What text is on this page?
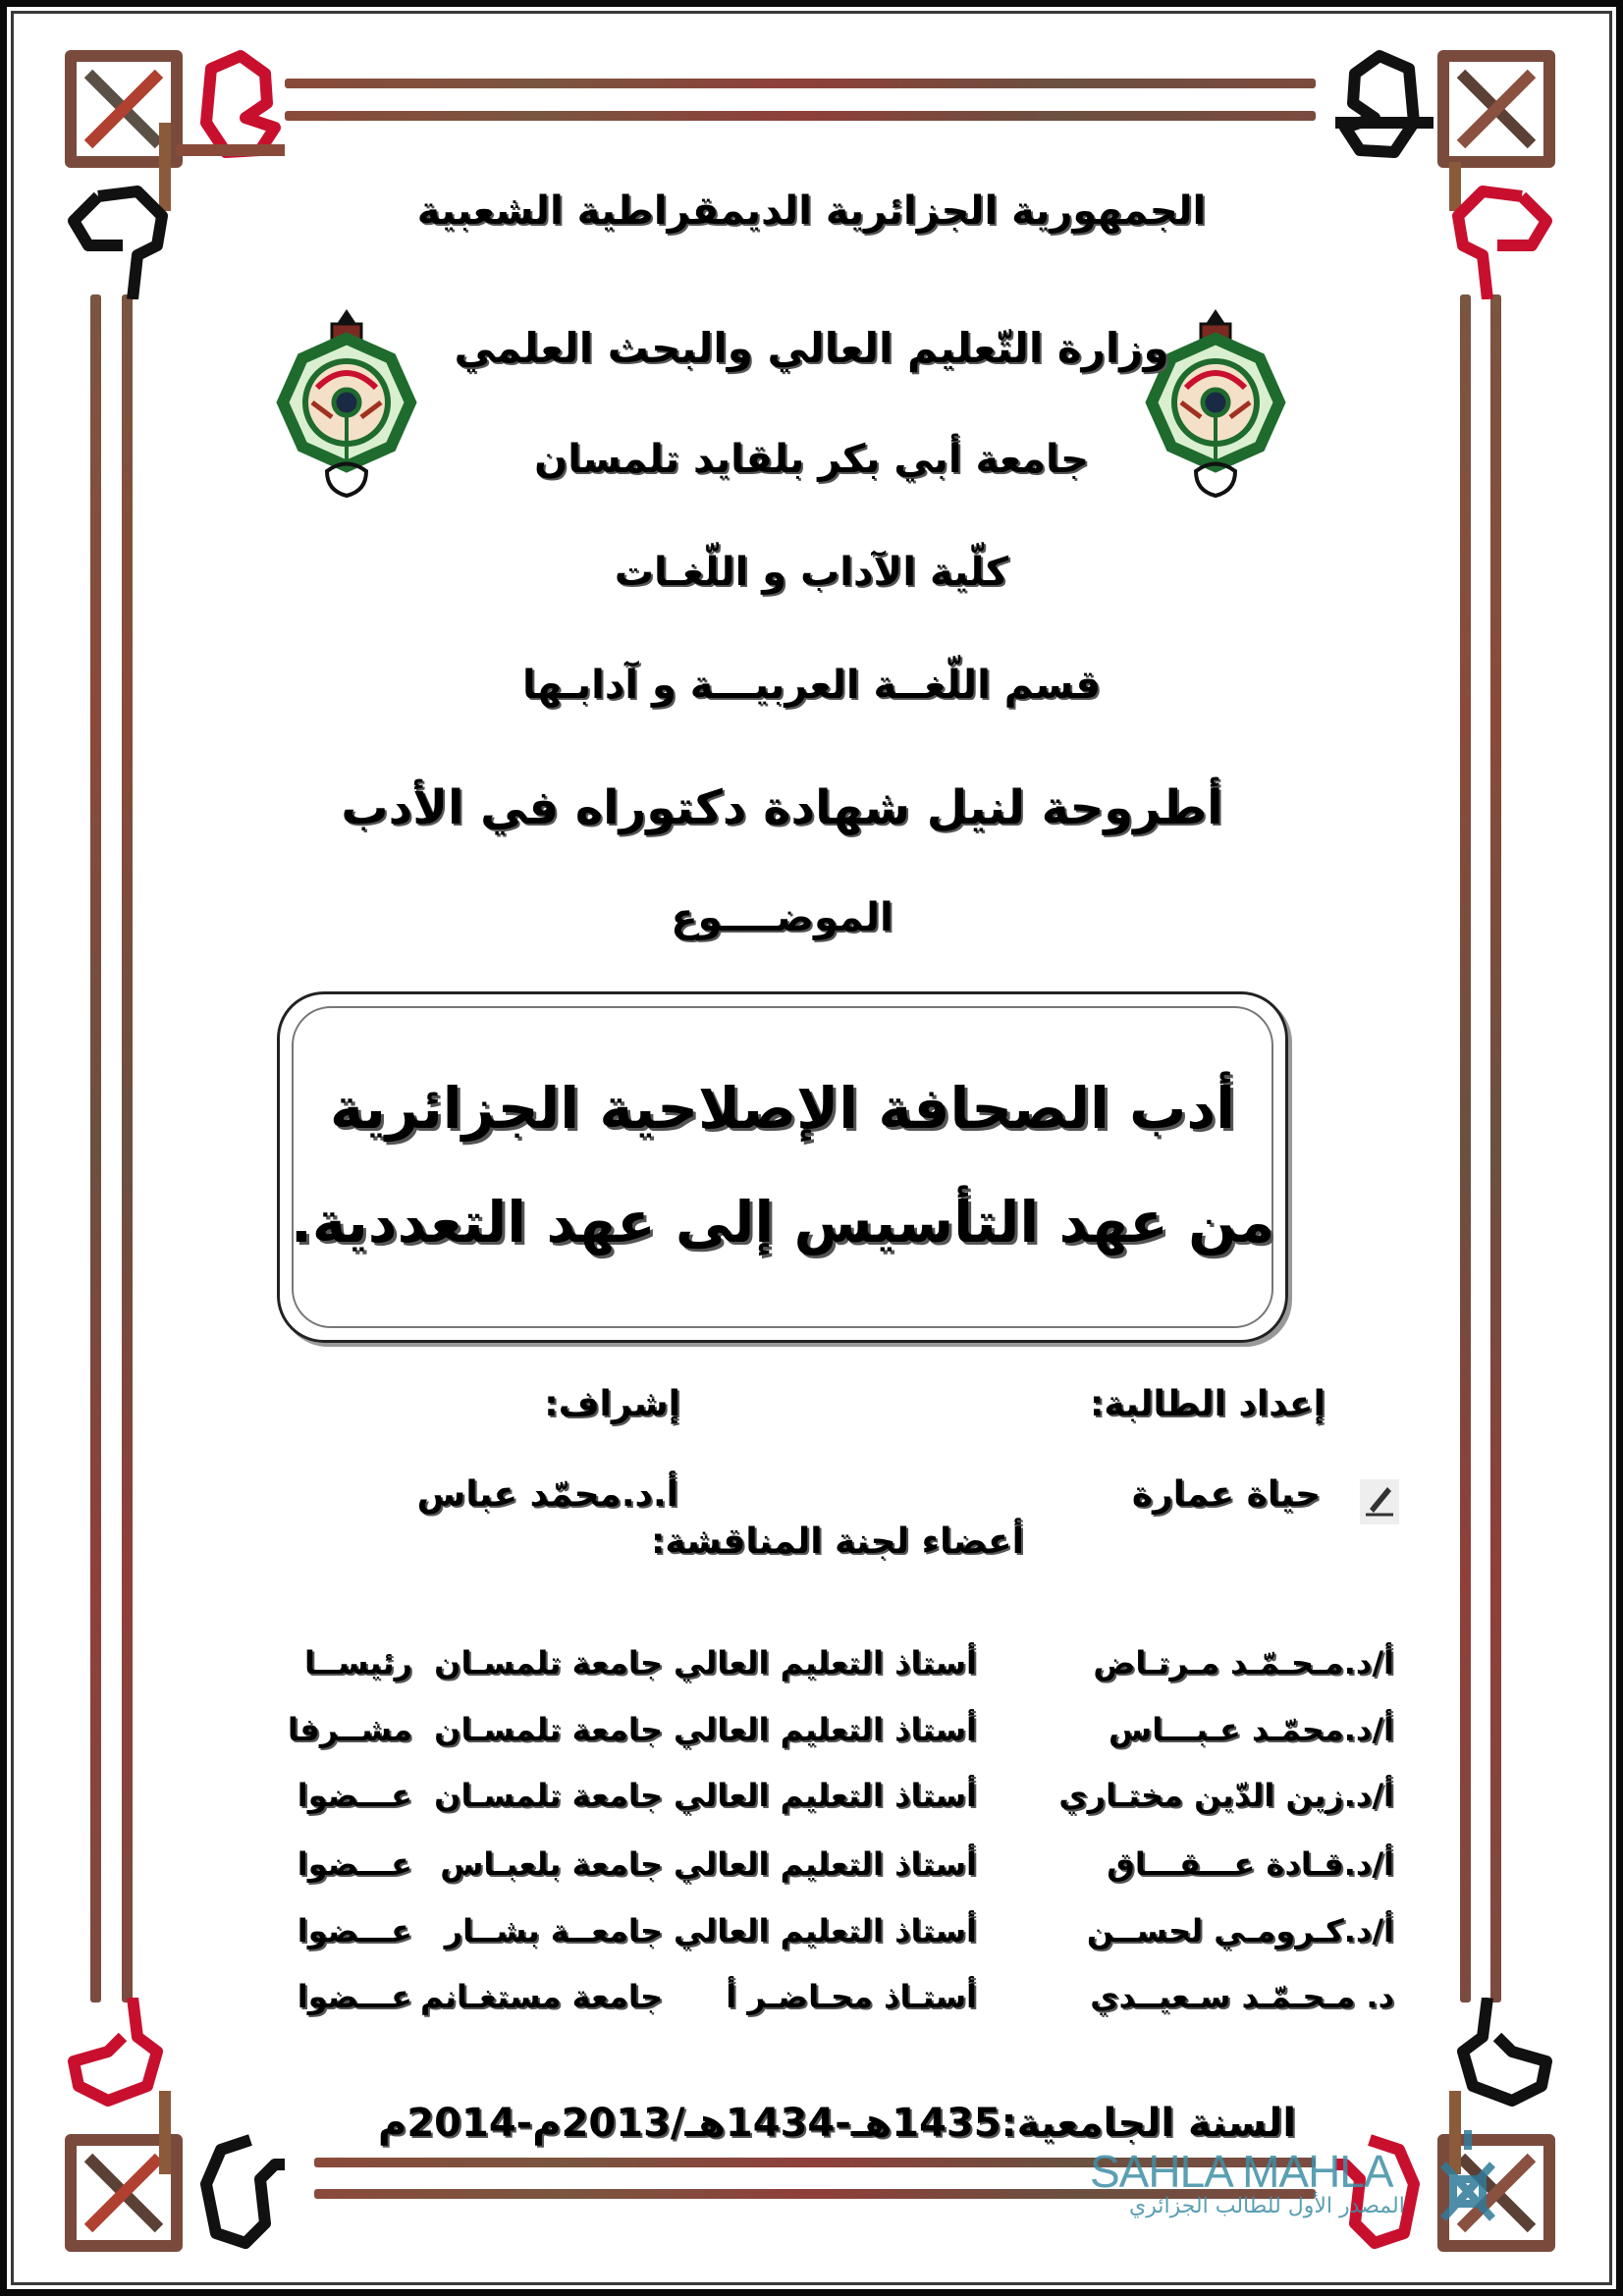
الجمهورية الجزائرية الديمقراطية الشعبية
وزارة التّعليم العالي والبحث العلمي
جامعة أبي بكر بلقايد تلمسان
كلّية الآداب و اللّغـات
قسم اللّغــة العربيـــة و آدابـها
أطروحة لنيل شهادة دكتوراه في الأدب
الموضــــوع
أدب الصحافة الإصلاحية الجزائرية
من عهد التأسيس إلى عهد التعددية.
إعداد الطالبة:
إشراف:
حياة عمارة
أ.د.محمّد عباس
أعضاء لجنة المناقشة:
أ/د.مـحـمّـد مـرتـاض
أستاذ التعليم العالي
جامعة تلمسـان
رئيســا
أ/د.محمّـد عـبـــاس
أستاذ التعليم العالي
جامعة تلمسـان
مشــرفا
أ/د.زين الدّين مختـاري
أستاذ التعليم العالي
جامعة تلمسـان
عـــضوا
أ/د.قـادة عـــقـــاق
أستاذ التعليم العالي
جامعة بلعبـاس
عـــضوا
أ/د.كـرومـي لحســن
أستاذ التعليم العالي
جامعــة بشــار
عـــضوا
د. مـحـمّـد سـعيــدي
أستـاذ محـاضـر أ
جامعة مستغـانم
عـــضوا
السنة الجامعية:1435هـ-1434هـ/2013م-2014م
SAHLA MAHLA
المصدر الأول للطالب الجزائري
